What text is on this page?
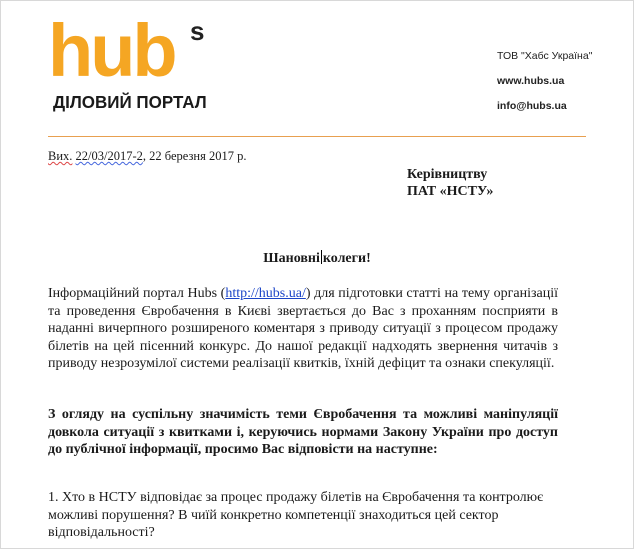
hub s
ДІЛОВИЙ ПОРТАЛ
ТОВ "Хабс Україна"
www.hubs.ua
info@hubs.ua
Вих. 22/03/2017-2, 22 березня 2017 р.
Керівництву
ПАТ «НСТУ»
Шановні колеги!
Інформаційний портал Hubs (http://hubs.ua/) для підготовки статті на тему організації та проведення Євробачення в Києві звертається до Вас з проханням посприяти в наданні вичерпного розширеного коментаря з приводу ситуації з процесом продажу білетів на цей пісенний конкурс. До нашої редакції надходять звернення читачів з приводу незрозумілої системи реалізації квитків, їхній дефіцит та ознаки спекуляції.
З огляду на суспільну значимість теми Євробачення та можливі маніпуляції довкола ситуації з квитками і, керуючись нормами Закону України про доступ до публічної інформації, просимо Вас відповісти на наступне:
1. Хто в НСТУ відповідає за процес продажу білетів на Євробачення та контролює можливі порушення? В чиїй конкретно компетенції знаходиться цей сектор відповідальності?
